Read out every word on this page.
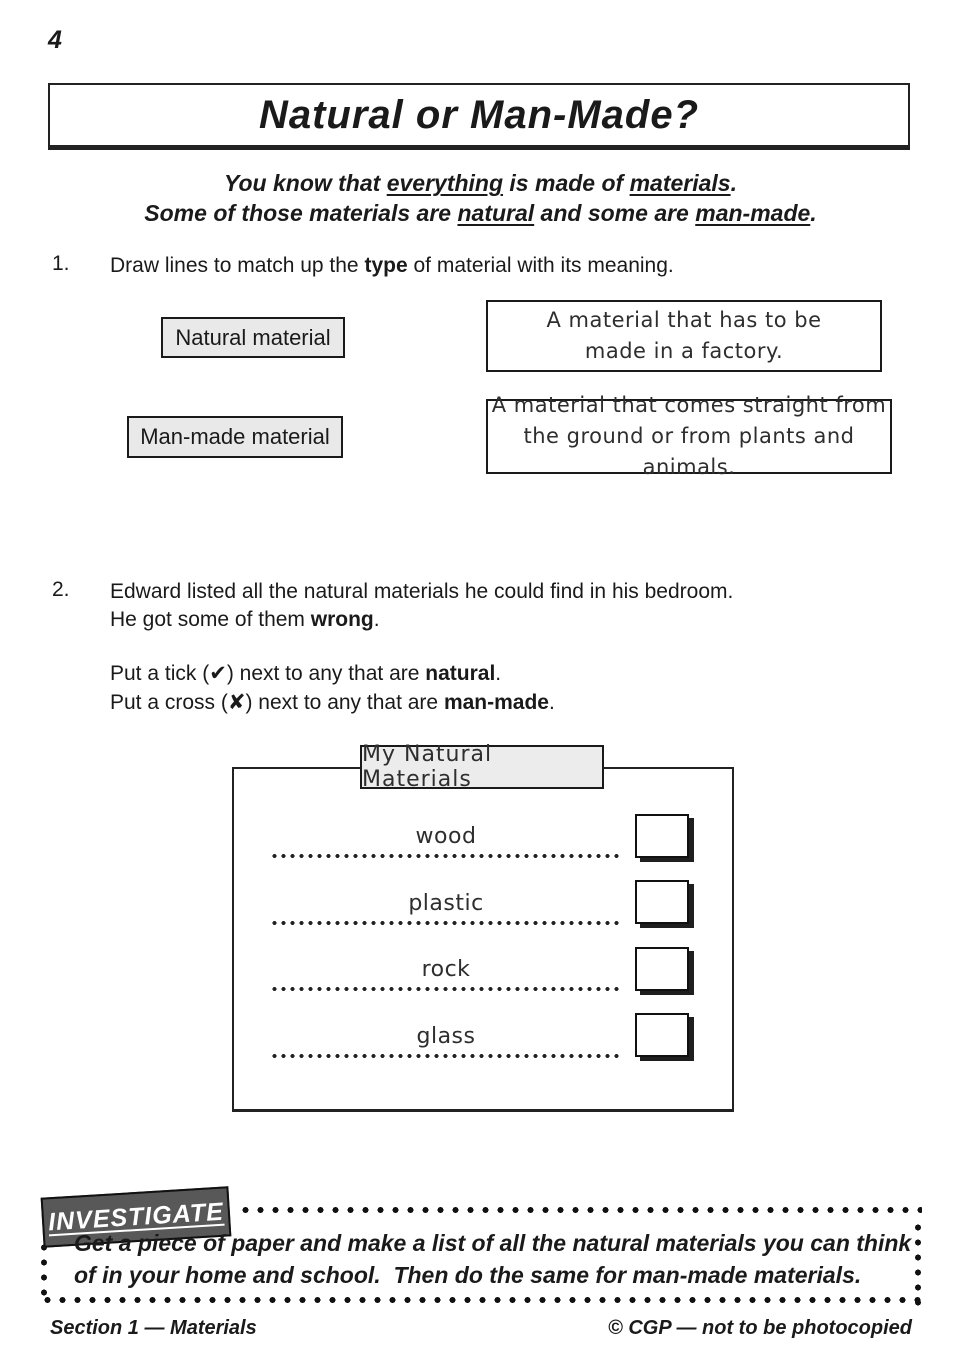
4
Natural or Man-Made?
You know that everything is made of materials.
Some of those materials are natural and some are man-made.
1. Draw lines to match up the type of material with its meaning.
Natural material
Man-made material
A material that has to be
made in a factory.
A material that comes straight from
the ground or from plants and animals.
2. Edward listed all the natural materials he could find in his bedroom.
He got some of them wrong.
Put a tick (✔) next to any that are natural.
Put a cross (✘) next to any that are man-made.
wood
plastic
rock
glass
My Natural Materials
INVESTIGATE
Get a piece of paper and make a list of all the natural materials you can think
of in your home and school.  Then do the same for man-made materials.
Section 1 — Materials	© CGP — not to be photocopied
